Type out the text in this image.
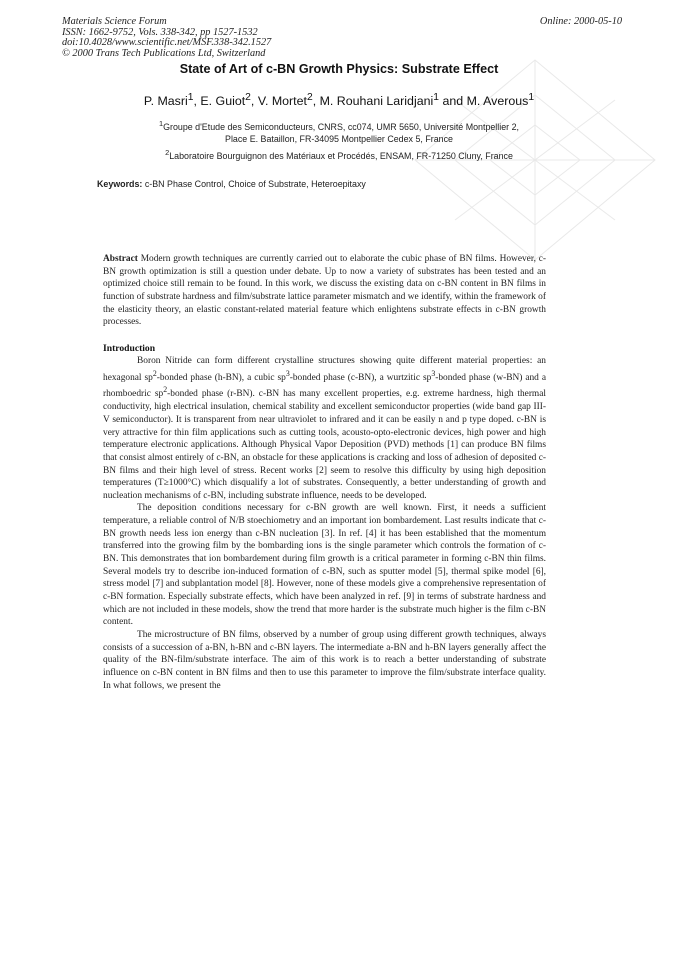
Materials Science Forum
ISSN: 1662-9752, Vols. 338-342, pp 1527-1532
doi:10.4028/www.scientific.net/MSF.338-342.1527
© 2000 Trans Tech Publications Ltd, Switzerland
Online: 2000-05-10
State of Art of c-BN Growth Physics: Substrate Effect
P. Masri$^1$, E. Guiot$^2$, V. Mortet$^2$, M. Rouhani Laridjani$^1$ and M. Averous$^1$
$^1$Groupe d'Etude des Semiconducteurs, CNRS, cc074, UMR 5650, Université Montpellier 2,
Place E. Bataillon, FR-34095 Montpellier Cedex 5, France
$^2$Laboratoire Bourguignon des Matériaux et Procédés, ENSAM, FR-71250 Cluny, France
Keywords: c-BN Phase Control, Choice of Substrate, Heteroepitaxy

Abstract Modern growth techniques are currently carried out to elaborate the cubic phase of BN films. However, c-BN growth optimization is still a question under debate. Up to now a variety of substrates has been tested and an optimized choice still remain to be found. In this work, we discuss the existing data on c-BN content in BN films in function of substrate hardness and film/substrate lattice parameter mismatch and we identify, within the framework of the elasticity theory, an elastic constant-related material feature which enlightens substrate effects in c-BN growth processes.

Introduction

Boron Nitride can form different crystalline structures showing quite different material properties: an hexagonal $sp^2$-bonded phase (h-BN), a cubic $sp^3$-bonded phase (c-BN), a wurtzitic $sp^3$-bonded phase (w-BN) and a rhomboedric $sp^2$-bonded phase (r-BN). c-BN has many excellent properties, e.g. extreme hardness, high thermal conductivity, high electrical insulation, chemical stability and excellent semiconductor properties (wide band gap III-V semiconductor). It is transparent from near ultraviolet to infrared and it can be easily n and p type doped. c-BN is very attractive for thin film applications such as cutting tools, acousto-opto-electronic devices, high power and high temperature electronic applications. Although Physical Vapor Deposition (PVD) methods [1] can produce BN films that consist almost entirely of c-BN, an obstacle for these applications is cracking and loss of adhesion of deposited c-BN films and their high level of stress. Recent works [2] seem to resolve this difficulty by using high deposition temperatures (T≥1000°C) which disqualify a lot of substrates. Consequently, a better understanding of growth and nucleation mechanisms of c-BN, including substrate influence, needs to be developed.

The deposition conditions necessary for c-BN growth are well known. First, it needs a sufficient temperature, a reliable control of N/B stoechiometry and an important ion bombardement. Last results indicate that c-BN growth needs less ion energy than c-BN nucleation [3]. In ref. [4] it has been established that the momentum transferred into the growing film by the bombarding ions is the single parameter which controls the formation of c-BN. This demonstrates that ion bombardement during film growth is a critical parameter in forming c-BN thin films. Several models try to describe ion-induced formation of c-BN, such as sputter model [5], thermal spike model [6], stress model [7] and subplantation model [8]. However, none of these models give a comprehensive representation of c-BN formation. Especially substrate effects, which have been analyzed in ref. [9] in terms of substrate hardness and which are not included in these models, show the trend that more harder is the substrate much higher is the film c-BN content.

The microstructure of BN films, observed by a number of group using different growth techniques, always consists of a succession of a-BN, h-BN and c-BN layers. The intermediate a-BN and h-BN layers generally affect the quality of the BN-film/substrate interface. The aim of this work is to reach a better understanding of substrate influence on c-BN content in BN films and then to use this parameter to improve the film/substrate interface quality. In what follows, we present the
